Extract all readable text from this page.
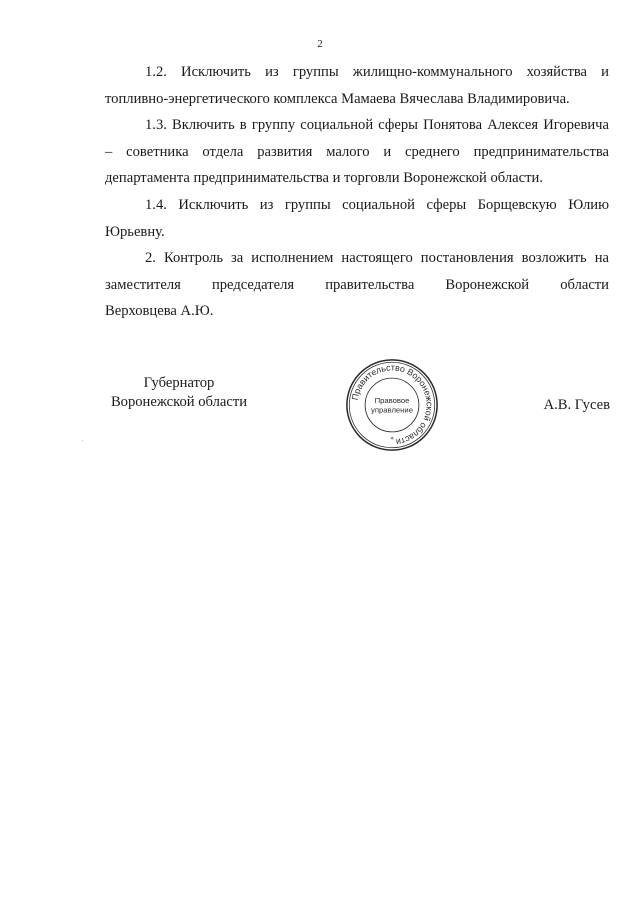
2

1.2. Исключить из группы жилищно-коммунального хозяйства и
топливно-энергетического комплекса Мамаева Вячеслава Владимировича.

1.3. Включить в группу социальной сферы Понятова Алексея Игоревича
– советника отдела развития малого и среднего предпринимательства
департамента предпринимательства и торговли Воронежской области.

1.4. Исключить из группы социальной сферы Борщевскую Юлию
Юрьевну.

2. Контроль за исполнением настоящего постановления возложить на
заместителя председателя правительства Воронежской области
Верховцева А.Ю.

Губернатор
Воронежской области	Правительство Воронежской области
Правовое
управление
*
А.В. Гусев
